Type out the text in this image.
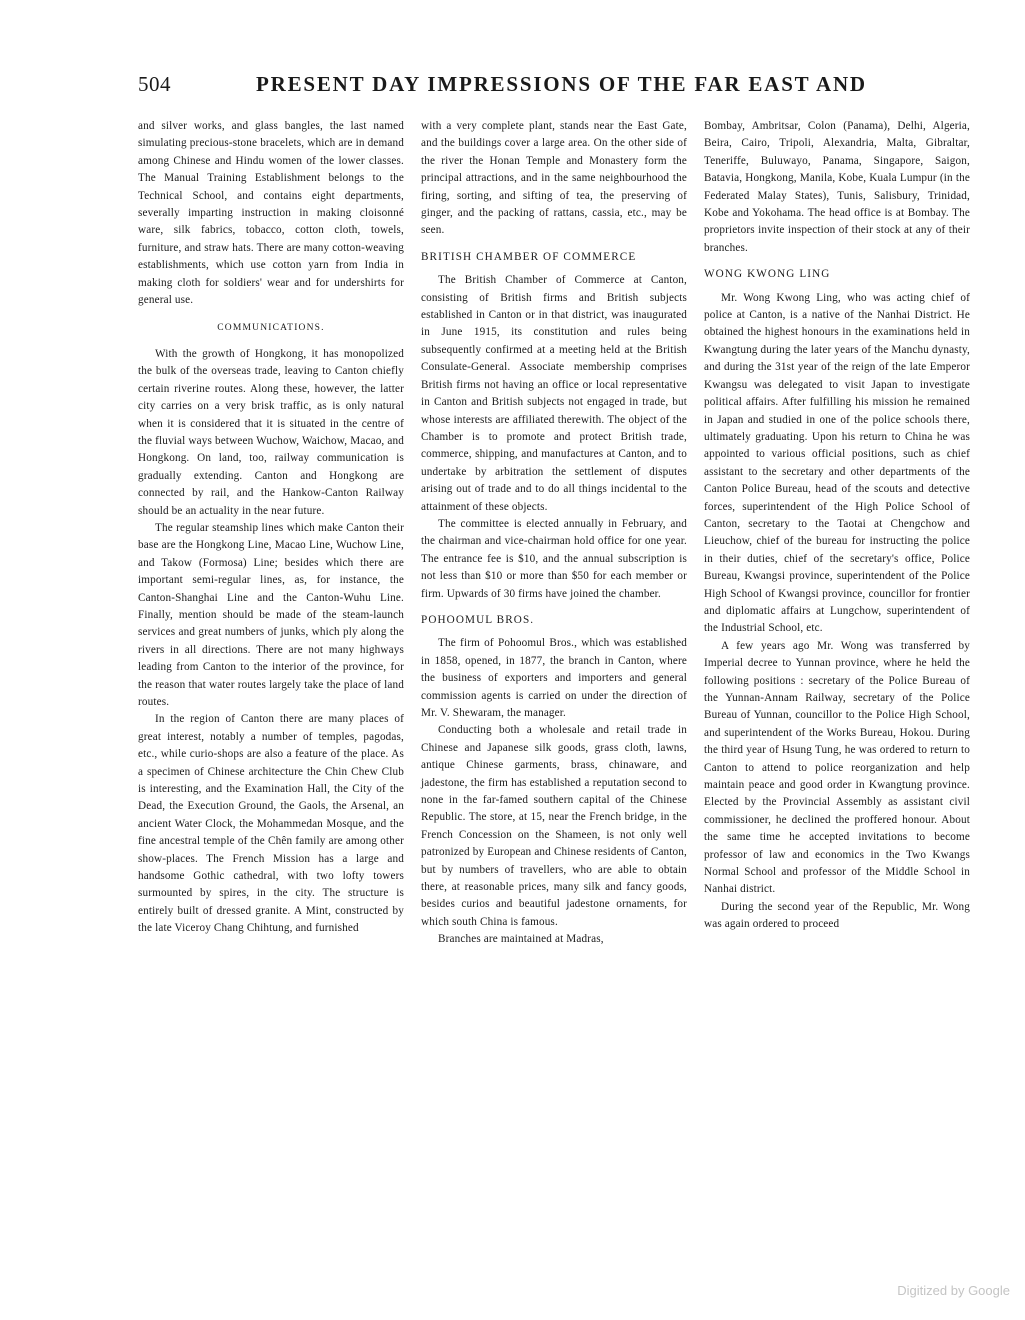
504	PRESENT DAY IMPRESSIONS OF THE FAR EAST AND

and silver works, and glass bangles, the last named simulating precious-stone bracelets, which are in demand among Chinese and Hindu women of the lower classes. The Manual Training Establishment belongs to the Technical School, and contains eight departments, severally imparting instruction in making cloisonné ware, silk fabrics, tobacco, cotton cloth, towels, furniture, and straw hats. There are many cotton-weaving establishments, which use cotton yarn from India in making cloth for soldiers' wear and for undershirts for general use.

COMMUNICATIONS.

With the growth of Hongkong, it has monopolized the bulk of the overseas trade, leaving to Canton chiefly certain riverine routes. Along these, however, the latter city carries on a very brisk traffic, as is only natural when it is considered that it is situated in the centre of the fluvial ways between Wuchow, Waichow, Macao, and Hongkong. On land, too, railway communication is gradually extending. Canton and Hongkong are connected by rail, and the Hankow-Canton Railway should be an actuality in the near future.

The regular steamship lines which make Canton their base are the Hongkong Line, Macao Line, Wuchow Line, and Takow (Formosa) Line; besides which there are important semi-regular lines, as, for instance, the Canton-Shanghai Line and the Canton-Wuhu Line. Finally, mention should be made of the steam-launch services and great numbers of junks, which ply along the rivers in all directions. There are not many highways leading from Canton to the interior of the province, for the reason that water routes largely take the place of land routes.

In the region of Canton there are many places of great interest, notably a number of temples, pagodas, etc., while curio-shops are also a feature of the place. As a specimen of Chinese architecture the Chin Chew Club is interesting, and the Examination Hall, the City of the Dead, the Execution Ground, the Gaols, the Arsenal, an ancient Water Clock, the Mohammedan Mosque, and the fine ancestral temple of the Chên family are among other show-places. The French Mission has a large and handsome Gothic cathedral, with two lofty towers surmounted by spires, in the city. The structure is entirely built of dressed granite. A Mint, constructed by the late Viceroy Chang Chihtung, and furnished

with a very complete plant, stands near the East Gate, and the buildings cover a large area. On the other side of the river the Honan Temple and Monastery form the principal attractions, and in the same neighbourhood the firing, sorting, and sifting of tea, the preserving of ginger, and the packing of rattans, cassia, etc., may be seen.

BRITISH CHAMBER OF COMMERCE

The British Chamber of Commerce at Canton, consisting of British firms and British subjects established in Canton or in that district, was inaugurated in June 1915, its constitution and rules being subsequently confirmed at a meeting held at the British Consulate-General. Associate membership comprises British firms not having an office or local representative in Canton and British subjects not engaged in trade, but whose interests are affiliated therewith. The object of the Chamber is to promote and protect British trade, commerce, shipping, and manufactures at Canton, and to undertake by arbitration the settlement of disputes arising out of trade and to do all things incidental to the attainment of these objects.

The committee is elected annually in February, and the chairman and vice-chairman hold office for one year. The entrance fee is $10, and the annual subscription is not less than $10 or more than $50 for each member or firm. Upwards of 30 firms have joined the chamber.

POHOOMUL BROS.

The firm of Pohoomul Bros., which was established in 1858, opened, in 1877, the branch in Canton, where the business of exporters and importers and general commission agents is carried on under the direction of Mr. V. Shewaram, the manager.

Conducting both a wholesale and retail trade in Chinese and Japanese silk goods, grass cloth, lawns, antique Chinese garments, brass, chinaware, and jadestone, the firm has established a reputation second to none in the far-famed southern capital of the Chinese Republic. The store, at 15, near the French bridge, in the French Concession on the Shameen, is not only well patronized by European and Chinese residents of Canton, but by numbers of travellers, who are able to obtain there, at reasonable prices, many silk and fancy goods, besides curios and beautiful jadestone ornaments, for which south China is famous.

Branches are maintained at Madras,

Bombay, Ambritsar, Colon (Panama), Delhi, Algeria, Beira, Cairo, Tripoli, Alexandria, Malta, Gibraltar, Teneriffe, Buluwayo, Panama, Singapore, Saigon, Batavia, Hongkong, Manila, Kobe, Kuala Lumpur (in the Federated Malay States), Tunis, Salisbury, Trinidad, Kobe and Yokohama. The head office is at Bombay. The proprietors invite inspection of their stock at any of their branches.

WONG KWONG LING

Mr. Wong Kwong Ling, who was acting chief of police at Canton, is a native of the Nanhai District. He obtained the highest honours in the examinations held in Kwangtung during the later years of the Manchu dynasty, and during the 31st year of the reign of the late Emperor Kwangsu was delegated to visit Japan to investigate political affairs. After fulfilling his mission he remained in Japan and studied in one of the police schools there, ultimately graduating. Upon his return to China he was appointed to various official positions, such as chief assistant to the secretary and other departments of the Canton Police Bureau, head of the scouts and detective forces, superintendent of the High Police School of Canton, secretary to the Taotai at Chengchow and Lieuchow, chief of the bureau for instructing the police in their duties, chief of the secretary's office, Police Bureau, Kwangsi province, superintendent of the Police High School of Kwangsi province, councillor for frontier and diplomatic affairs at Lungchow, superintendent of the Industrial School, etc.

A few years ago Mr. Wong was transferred by Imperial decree to Yunnan province, where he held the following positions : secretary of the Police Bureau of the Yunnan-Annam Railway, secretary of the Police Bureau of Yunnan, councillor to the Police High School, and superintendent of the Works Bureau, Hokou. During the third year of Hsung Tung, he was ordered to return to Canton to attend to police reorganization and help maintain peace and good order in Kwangtung province. Elected by the Provincial Assembly as assistant civil commissioner, he declined the proffered honour. About the same time he accepted invitations to become professor of law and economics in the Two Kwangs Normal School and professor of the Middle School in Nanhai district.

During the second year of the Republic, Mr. Wong was again ordered to proceed

Digitized by Google
